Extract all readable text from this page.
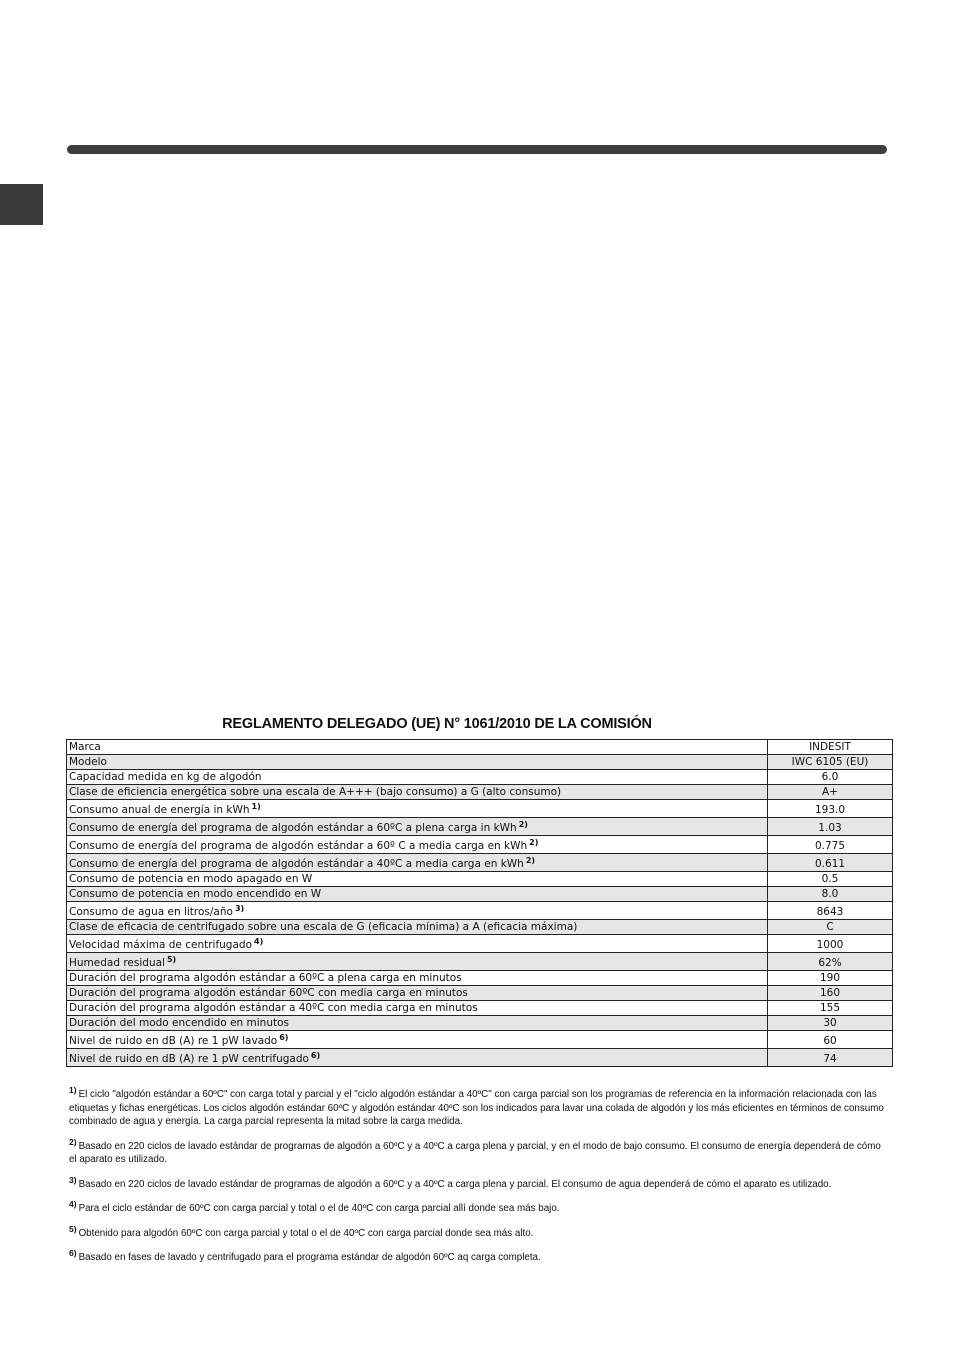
REGLAMENTO DELEGADO (UE) N° 1061/2010 DE LA COMISIÓN
Marca	INDESIT
Modelo	IWC 6105 (EU)
Capacidad medida en kg de algodón	6.0
Clase de eficiencia energética sobre una escala de A+++ (bajo consumo) a G (alto consumo)	A+
Consumo anual de energía in kWh $^{1)}$	193.0
Consumo de energía del programa de algodón estándar a 60ºC a plena carga in kWh $^{2)}$	1.03
Consumo de energía del programa de algodón estándar a 60º C a media carga en kWh $^{2)}$	0.775
Consumo de energía del programa de algodón estándar a 40ºC a media carga en kWh $^{2)}$	0.611
Consumo de potencia en modo apagado en W	0.5
Consumo de potencia en modo encendido en W	8.0
Consumo de agua en litros/año $^{3)}$	8643
Clase de eficacia de centrifugado sobre una escala de G (eficacia mínima) a A (eficacia máxima)	C
Velocidad máxima de centrifugado $^{4)}$	1000
Humedad residual $^{5)}$	62%
Duración del programa algodón estándar a 60ºC a plena carga en minutos	190
Duración del programa algodón estándar 60ºC con media carga en minutos	160
Duración del programa algodón estándar a 40ºC con media carga en minutos	155
Duración del modo encendido en minutos	30
Nivel de ruido en dB (A) re 1 pW lavado $^{6)}$	60
Nivel de ruido en dB (A) re 1 pW centrifugado $^{6)}$	74
$^{1)}$ El ciclo "algodón estándar a 60ºC" con carga total y parcial y el "ciclo algodón estándar a 40ºC" con carga parcial son los programas de referencia en la información relacionada con las etiquetas y fichas energéticas. Los ciclos algodón estándar 60ºC y algodón estándar 40ºC son los indicados para lavar una colada de algodón y los más eficientes en términos de consumo combinado de agua y energía. La carga parcial representa la mitad sobre la carga medida.
$^{2)}$ Basado en 220 ciclos de lavado estándar de programas de algodón a 60ºC y a 40ºC a carga plena y parcial, y en el modo de bajo consumo. El consumo de energía dependerá de cómo el aparato es utilizado.
$^{3)}$ Basado en 220 ciclos de lavado estándar de programas de algodón a 60ºC y a 40ºC a carga plena y parcial. El consumo de agua dependerá de cómo el aparato es utilizado.
$^{4)}$ Para el ciclo estándar de 60ºC con carga parcial y total o el de 40ºC con carga parcial allí donde sea más bajo.
$^{5)}$ Obtenido para algodón 60ºC con carga parcial y total o el de 40ºC con carga parcial donde sea más alto.
$^{6)}$ Basado en fases de lavado y centrifugado para el programa estándar de algodón 60ºC aq carga completa.
